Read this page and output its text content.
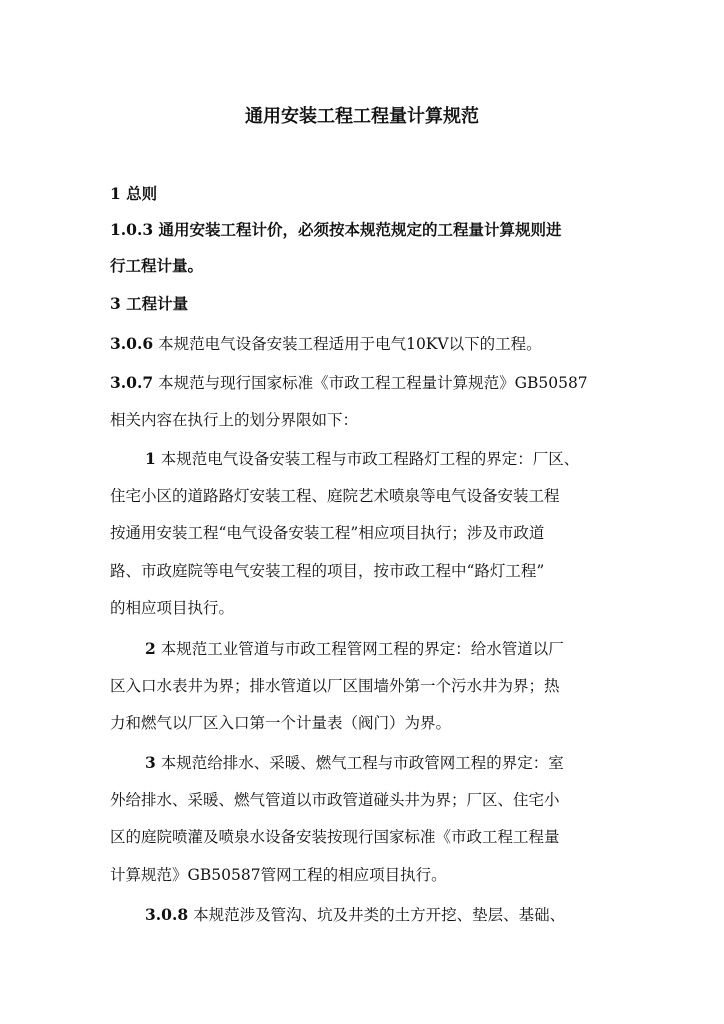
通用安装工程工程量计算规范
1 总则
1.0.3 通用安装工程计价，必须按本规范规定的工程量计算规则进
行工程计量。
3 工程计量
3.0.6 本规范电气设备安装工程适用于电气10KV以下的工程。
3.0.7 本规范与现行国家标准《市政工程工程量计算规范》GB50587
相关内容在执行上的划分界限如下：
1 本规范电气设备安装工程与市政工程路灯工程的界定：厂区、
住宅小区的道路路灯安装工程、庭院艺术喷泉等电气设备安装工程
按通用安装工程“电气设备安装工程”相应项目执行；涉及市政道
路、市政庭院等电气安装工程的项目，按市政工程中“路灯工程”
的相应项目执行。
2 本规范工业管道与市政工程管网工程的界定：给水管道以厂
区入口水表井为界；排水管道以厂区围墙外第一个污水井为界；热
力和燃气以厂区入口第一个计量表（阀门）为界。
3 本规范给排水、采暖、燃气工程与市政管网工程的界定：室
外给排水、采暖、燃气管道以市政管道碰头井为界；厂区、住宅小
区的庭院喷灌及喷泉水设备安装按现行国家标准《市政工程工程量
计算规范》GB50587管网工程的相应项目执行。
3.0.8 本规范涉及管沟、坑及井类的土方开挖、垫层、基础、
